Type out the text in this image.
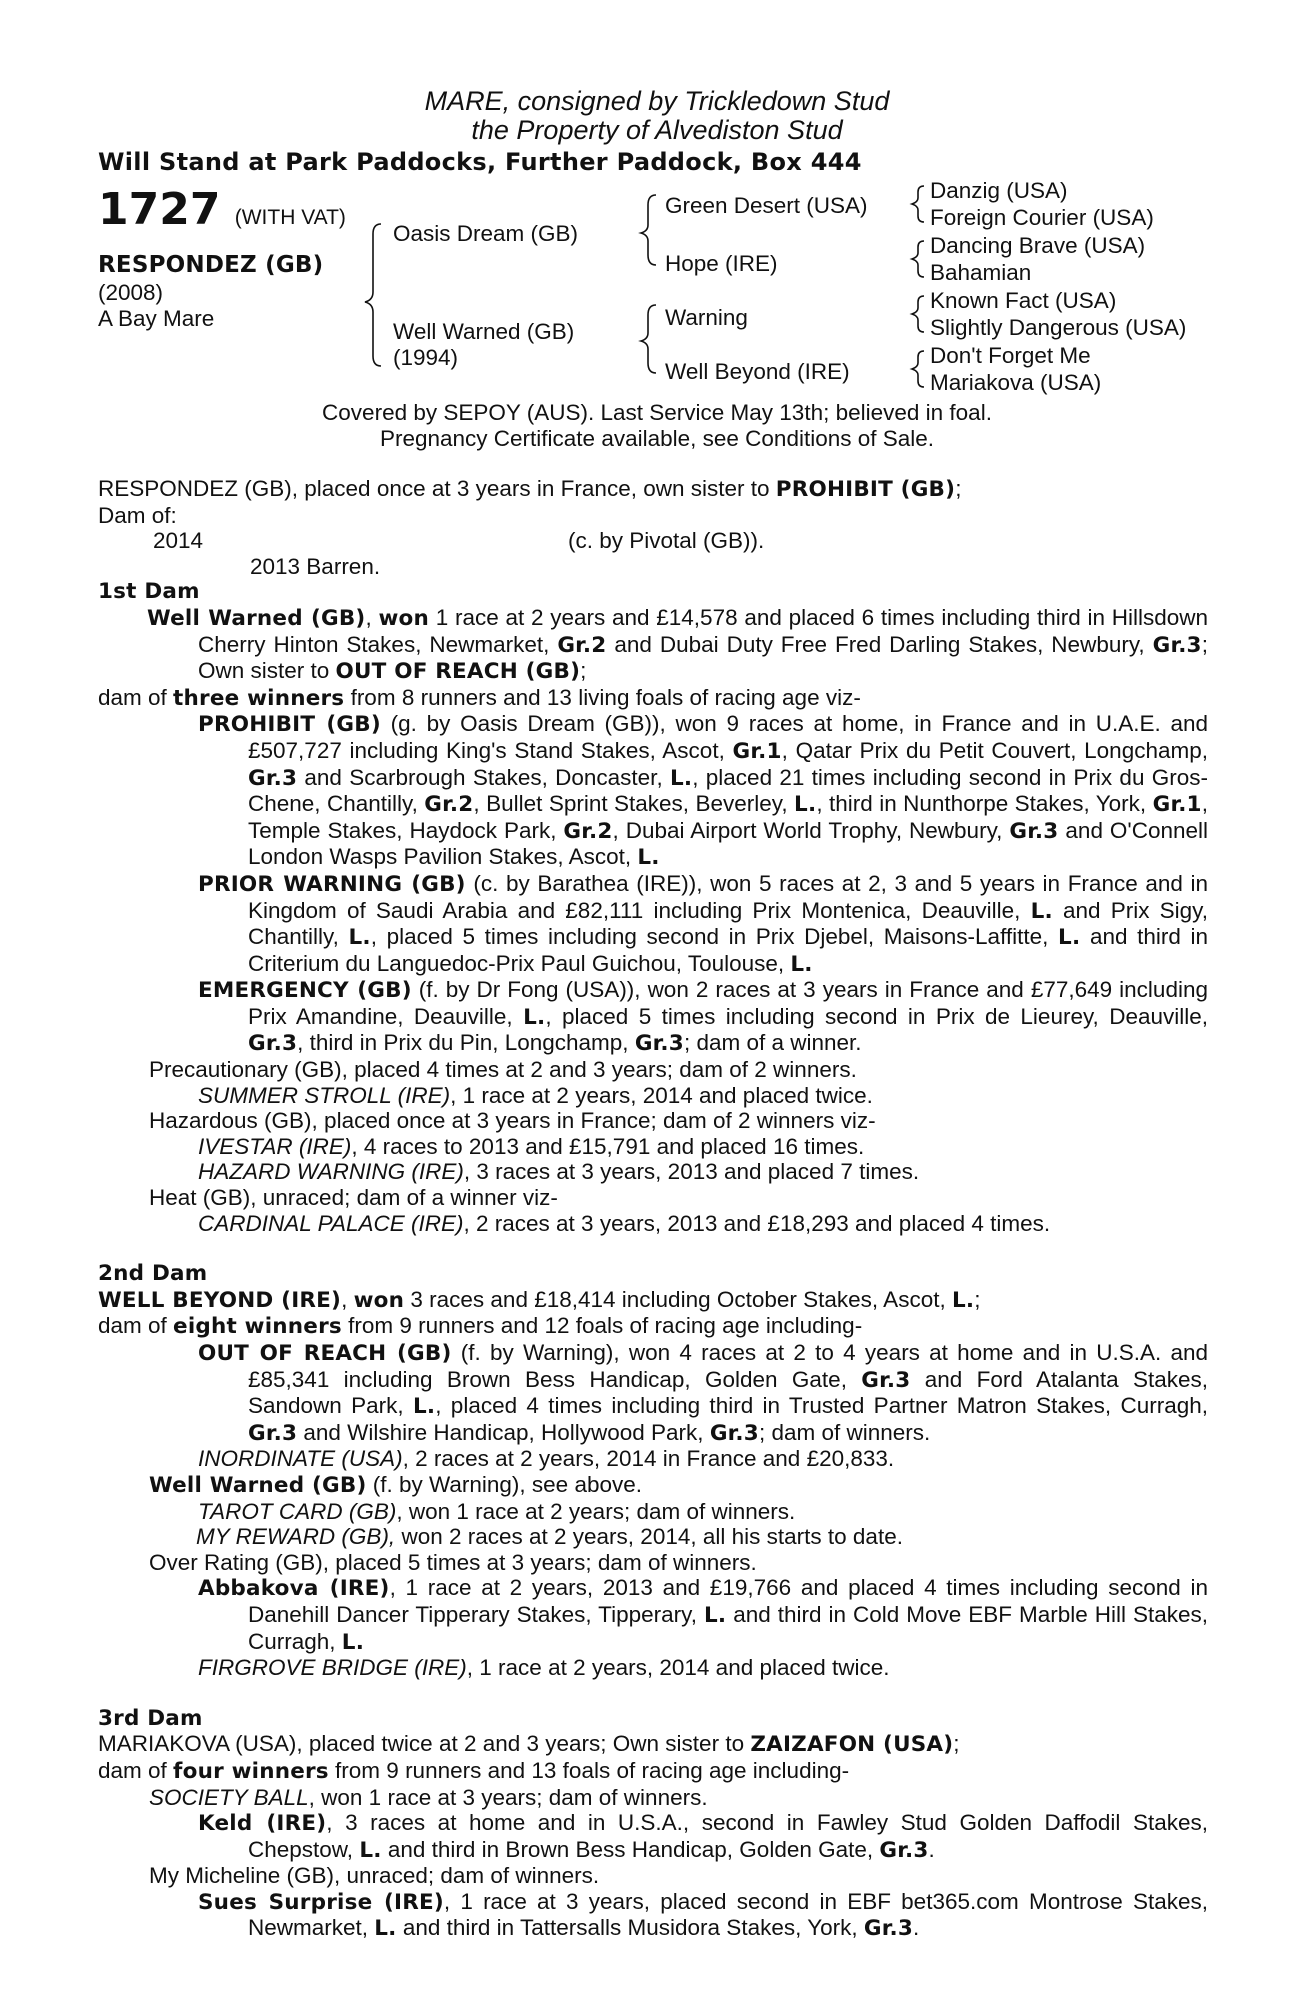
MARE, consigned by Trickledown Stud
the Property of Alvediston Stud
Will Stand at Park Paddocks, Further Paddock, Box 444
1727 (WITH VAT)
RESPONDEZ (GB)
(2008)
A Bay Mare
Oasis Dream (GB)
Well Warned (GB)
(1994)
Green Desert (USA)
Hope (IRE)
Warning
Well Beyond (IRE)
Danzig (USA)
Foreign Courier (USA)
Dancing Brave (USA)
Bahamian
Known Fact (USA)
Slightly Dangerous (USA)
Don't Forget Me
Mariakova (USA)
Covered by SEPOY (AUS). Last Service May 13th; believed in foal.
Pregnancy Certificate available, see Conditions of Sale.

RESPONDEZ (GB), placed once at 3 years in France, own sister to PROHIBIT (GB);

Dam of:

2014	(c. by Pivotal (GB)).

2013 Barren.

1st Dam

Well Warned (GB), won 1 race at 2 years and £14,578 and placed 6 times including third in Hillsdown Cherry Hinton Stakes, Newmarket, Gr.2 and Dubai Duty Free Fred Darling Stakes, Newbury, Gr.3; Own sister to OUT OF REACH (GB);

dam of three winners from 8 runners and 13 living foals of racing age viz-

PROHIBIT (GB) (g. by Oasis Dream (GB)), won 9 races at home, in France and in U.A.E. and £507,727 including King's Stand Stakes, Ascot, Gr.1, Qatar Prix du Petit Couvert, Longchamp, Gr.3 and Scarbrough Stakes, Doncaster, L., placed 21 times including second in Prix du Gros-Chene, Chantilly, Gr.2, Bullet Sprint Stakes, Beverley, L., third in Nunthorpe Stakes, York, Gr.1, Temple Stakes, Haydock Park, Gr.2, Dubai Airport World Trophy, Newbury, Gr.3 and O'Connell London Wasps Pavilion Stakes, Ascot, L.

PRIOR WARNING (GB) (c. by Barathea (IRE)), won 5 races at 2, 3 and 5 years in France and in Kingdom of Saudi Arabia and £82,111 including Prix Montenica, Deauville, L. and Prix Sigy, Chantilly, L., placed 5 times including second in Prix Djebel, Maisons-Laffitte, L. and third in Criterium du Languedoc-Prix Paul Guichou, Toulouse, L.

EMERGENCY (GB) (f. by Dr Fong (USA)), won 2 races at 3 years in France and £77,649 including Prix Amandine, Deauville, L., placed 5 times including second in Prix de Lieurey, Deauville, Gr.3, third in Prix du Pin, Longchamp, Gr.3; dam of a winner.

Precautionary (GB), placed 4 times at 2 and 3 years; dam of 2 winners.

SUMMER STROLL (IRE), 1 race at 2 years, 2014 and placed twice.

Hazardous (GB), placed once at 3 years in France; dam of 2 winners viz-

IVESTAR (IRE), 4 races to 2013 and £15,791 and placed 16 times.

HAZARD WARNING (IRE), 3 races at 3 years, 2013 and placed 7 times.

Heat (GB), unraced; dam of a winner viz-

CARDINAL PALACE (IRE), 2 races at 3 years, 2013 and £18,293 and placed 4 times.

2nd Dam

WELL BEYOND (IRE), won 3 races and £18,414 including October Stakes, Ascot, L.;

dam of eight winners from 9 runners and 12 foals of racing age including-

OUT OF REACH (GB) (f. by Warning), won 4 races at 2 to 4 years at home and in U.S.A. and £85,341 including Brown Bess Handicap, Golden Gate, Gr.3 and Ford Atalanta Stakes, Sandown Park, L., placed 4 times including third in Trusted Partner Matron Stakes, Curragh, Gr.3 and Wilshire Handicap, Hollywood Park, Gr.3; dam of winners.

INORDINATE (USA), 2 races at 2 years, 2014 in France and £20,833.

Well Warned (GB) (f. by Warning), see above.

TAROT CARD (GB), won 1 race at 2 years; dam of winners.

MY REWARD (GB), won 2 races at 2 years, 2014, all his starts to date.

Over Rating (GB), placed 5 times at 3 years; dam of winners.

Abbakova (IRE), 1 race at 2 years, 2013 and £19,766 and placed 4 times including second in Danehill Dancer Tipperary Stakes, Tipperary, L. and third in Cold Move EBF Marble Hill Stakes, Curragh, L.

FIRGROVE BRIDGE (IRE), 1 race at 2 years, 2014 and placed twice.

3rd Dam

MARIAKOVA (USA), placed twice at 2 and 3 years; Own sister to ZAIZAFON (USA);

dam of four winners from 9 runners and 13 foals of racing age including-

SOCIETY BALL, won 1 race at 3 years; dam of winners.

Keld (IRE), 3 races at home and in U.S.A., second in Fawley Stud Golden Daffodil Stakes, Chepstow, L. and third in Brown Bess Handicap, Golden Gate, Gr.3.

My Micheline (GB), unraced; dam of winners.

Sues Surprise (IRE), 1 race at 3 years, placed second in EBF bet365.com Montrose Stakes, Newmarket, L. and third in Tattersalls Musidora Stakes, York, Gr.3.
